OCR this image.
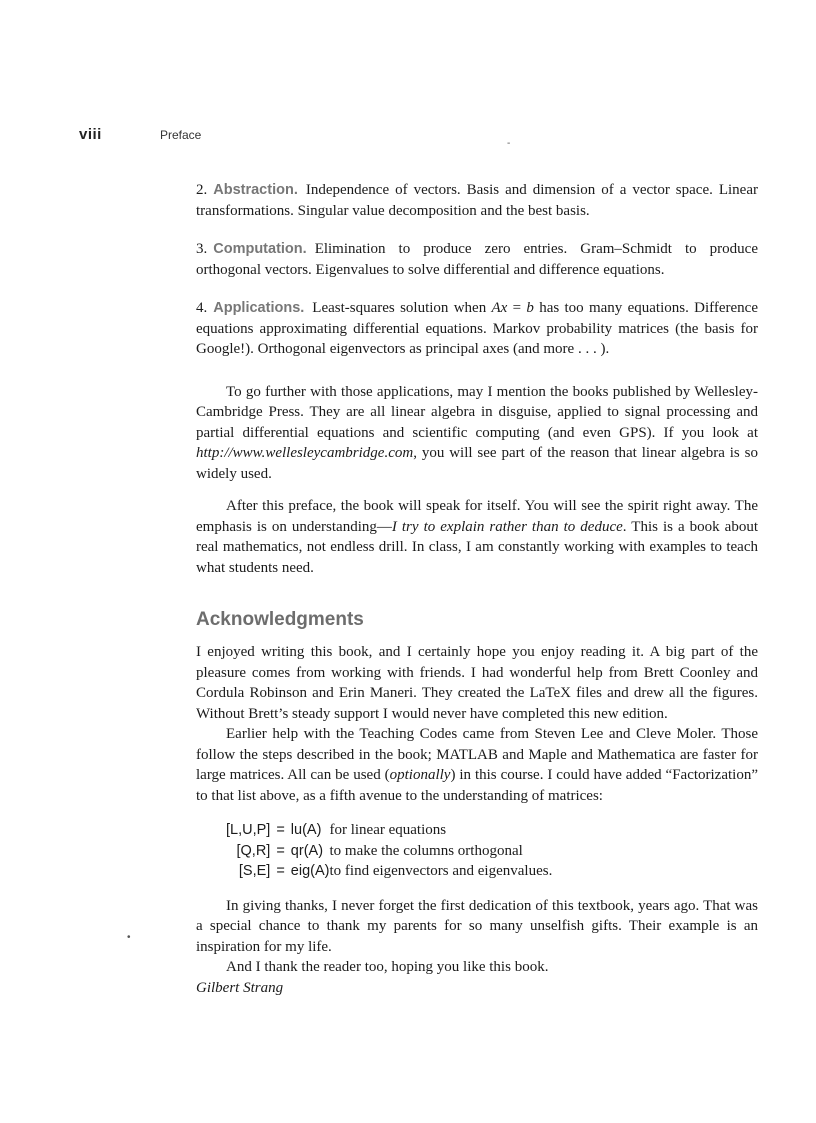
viii	Preface
-

2. Abstraction. Independence of vectors. Basis and dimension of a vector space. Linear transformations. Singular value decomposition and the best basis.

3. Computation. Elimination to produce zero entries. Gram–Schmidt to produce orthogonal vectors. Eigenvalues to solve differential and difference equations.

4. Applications. Least-squares solution when Ax = b has too many equations. Difference equations approximating differential equations. Markov probability matrices (the basis for Google!). Orthogonal eigenvectors as principal axes (and more . . . ).

To go further with those applications, may I mention the books published by Wellesley-Cambridge Press. They are all linear algebra in disguise, applied to signal processing and partial differential equations and scientific computing (and even GPS). If you look at http://www.wellesleycambridge.com, you will see part of the reason that linear algebra is so widely used.

After this preface, the book will speak for itself. You will see the spirit right away. The emphasis is on understanding—I try to explain rather than to deduce. This is a book about real mathematics, not endless drill. In class, I am constantly working with examples to teach what students need.

Acknowledgments

I enjoyed writing this book, and I certainly hope you enjoy reading it. A big part of the pleasure comes from working with friends. I had wonderful help from Brett Coonley and Cordula Robinson and Erin Maneri. They created the LaTeX files and drew all the figures. Without Brett’s steady support I would never have completed this new edition.

Earlier help with the Teaching Codes came from Steven Lee and Cleve Moler. Those follow the steps described in the book; MATLAB and Maple and Mathematica are faster for large matrices. All can be used (optionally) in this course. I could have added “Factorization” to that list above, as a fifth avenue to the understanding of matrices:

[L,U,P]	=	lu(A)	for linear equations
[Q,R]	=	qr(A)	to make the columns orthogonal
[S,E]	=	eig(A)	to find eigenvectors and eigenvalues.

In giving thanks, I never forget the first dedication of this textbook, years ago. That was a special chance to thank my parents for so many unselfish gifts. Their example is an inspiration for my life.

And I thank the reader too, hoping you like this book.

Gilbert Strang

•
